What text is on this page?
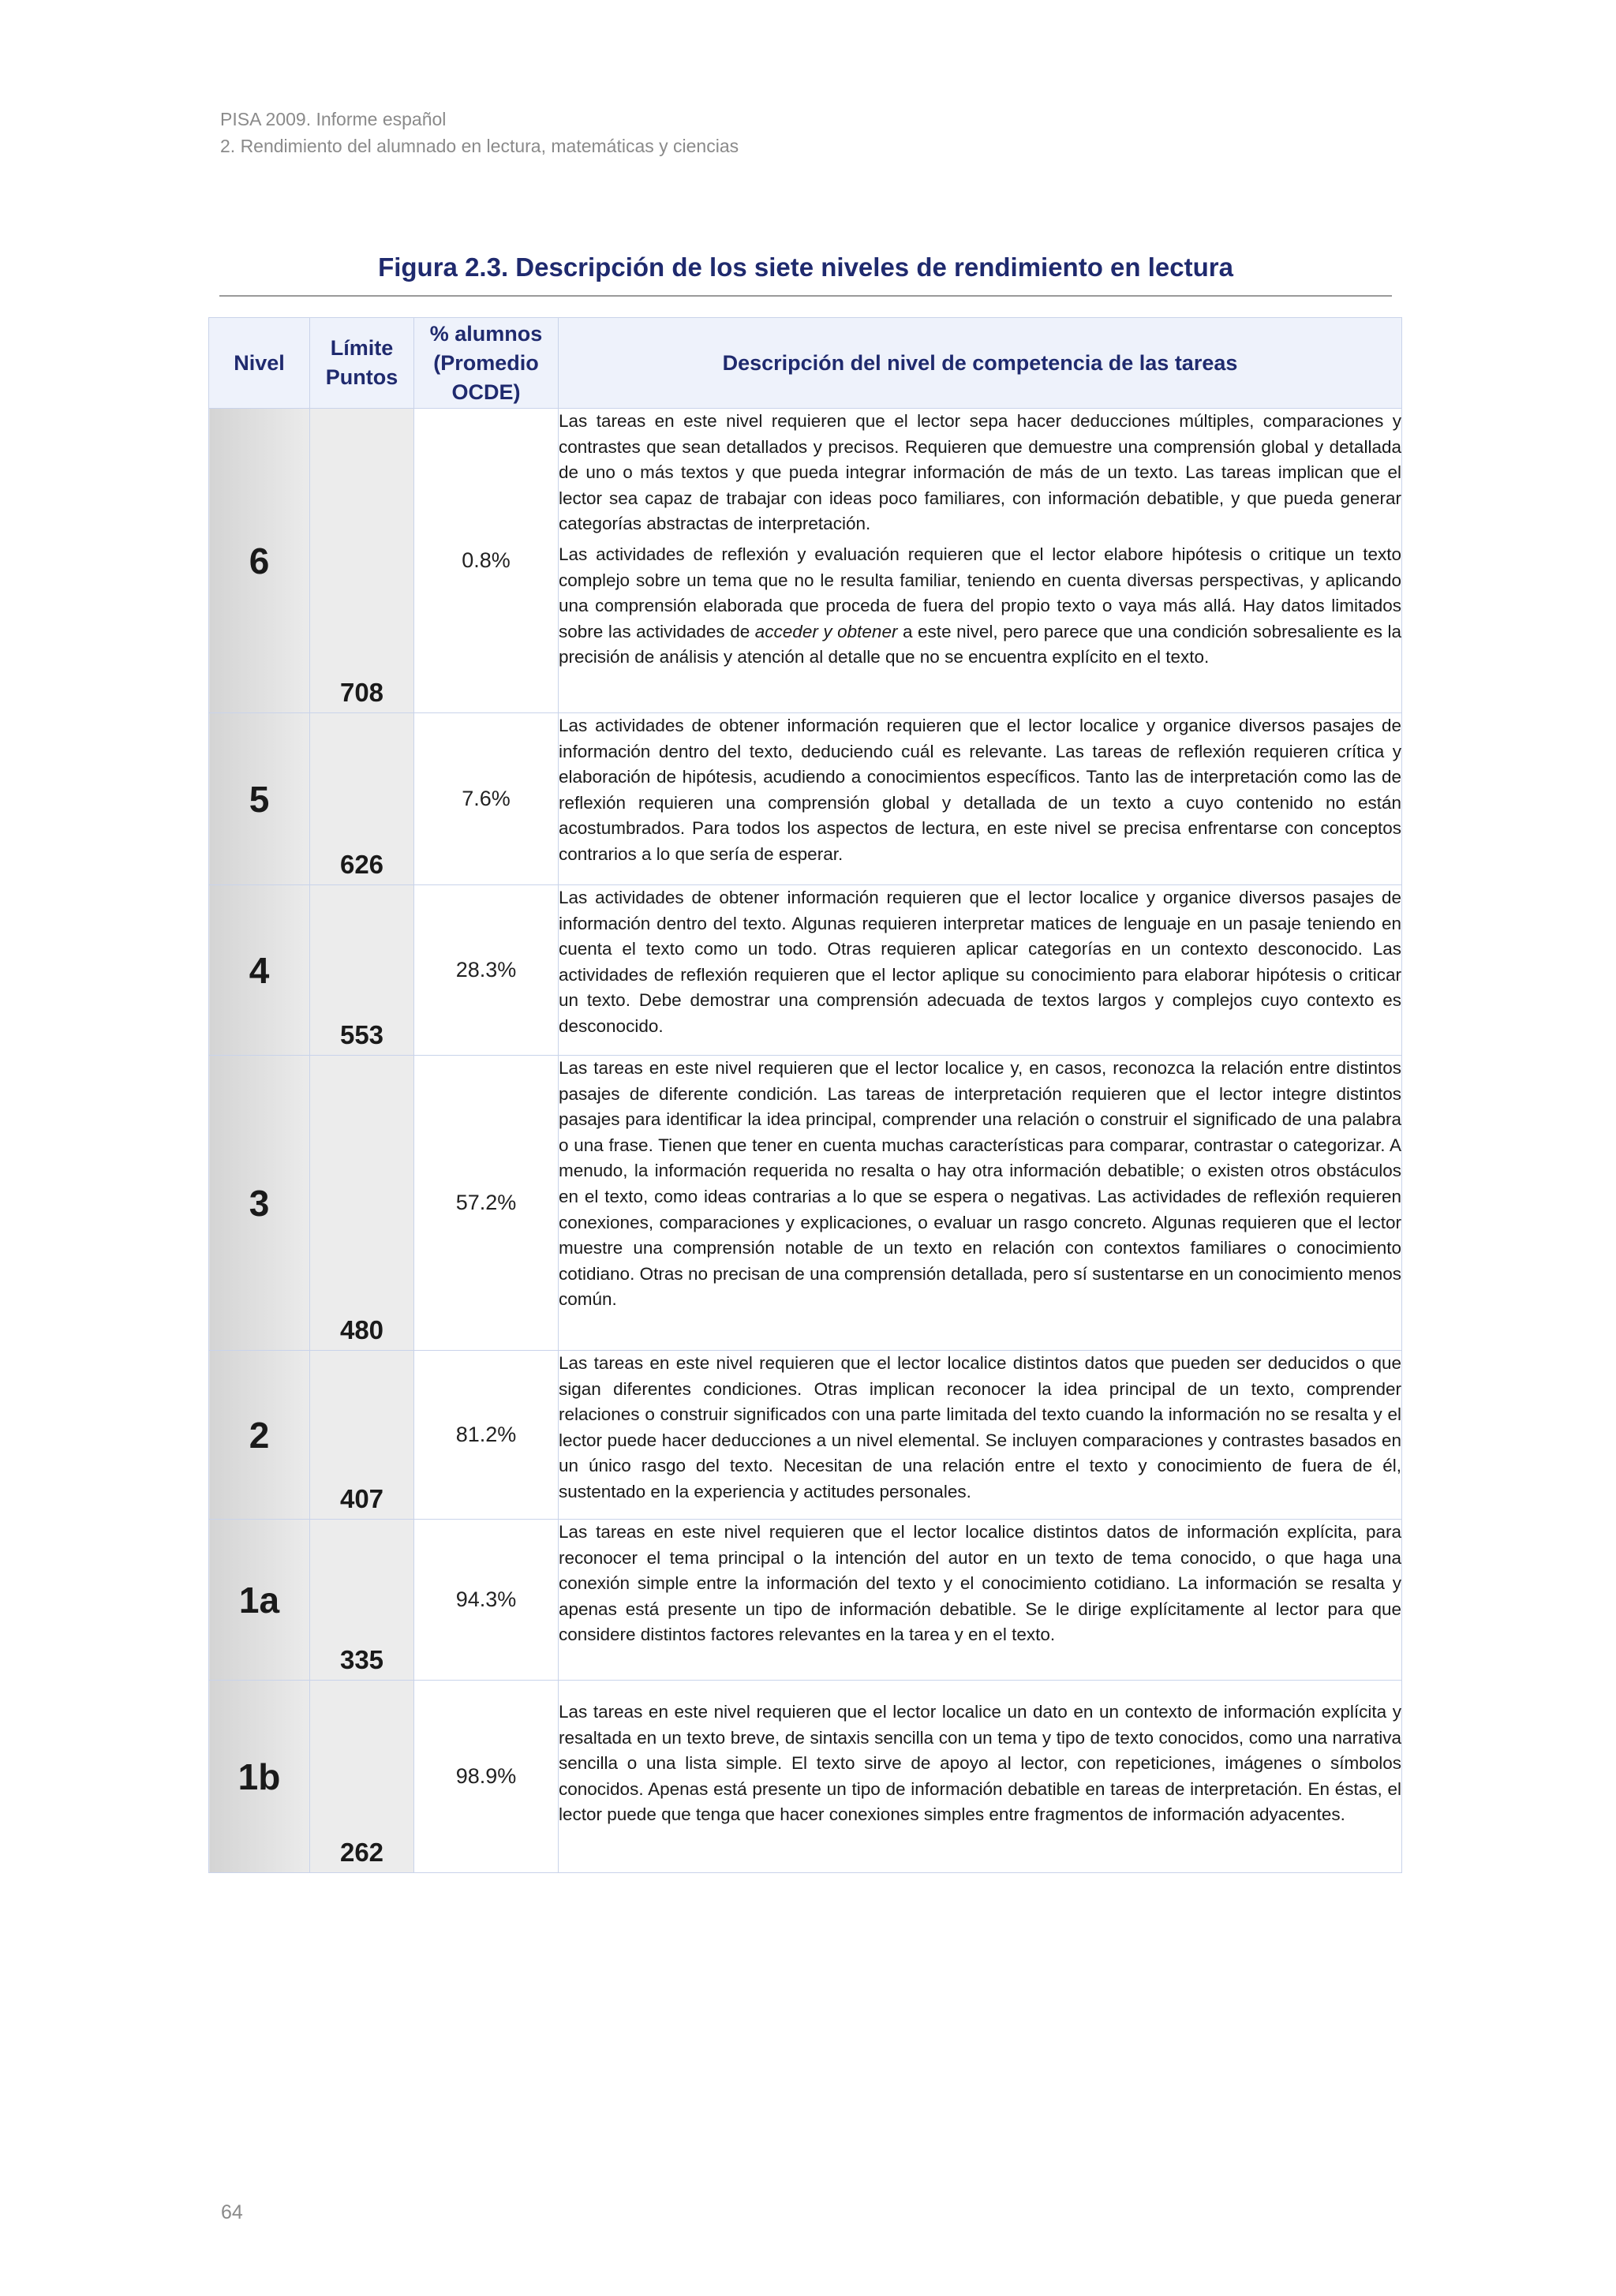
PISA 2009. Informe español
2. Rendimiento del alumnado en lectura, matemáticas y ciencias
Figura 2.3. Descripción de los siete niveles de rendimiento en lectura
Nivel	Límite Puntos	% alumnos (Promedio OCDE)	Descripción del nivel de competencia de las tareas
6	708	0.8%	Las tareas en este nivel requieren que el lector sepa hacer deducciones múltiples, comparaciones y contrastes que sean detallados y precisos. Requieren que demuestre una comprensión global y detallada de uno o más textos y que pueda integrar información de más de un texto. Las tareas implican que el lector sea capaz de trabajar con ideas poco familiares, con información debatible, y que pueda generar categorías abstractas de interpretación.

Las actividades de reflexión y evaluación requieren que el lector elabore hipótesis o critique un texto complejo sobre un tema que no le resulta familiar, teniendo en cuenta diversas perspectivas, y aplicando una comprensión elaborada que proceda de fuera del propio texto o vaya más allá. Hay datos limitados sobre las actividades de acceder y obtener a este nivel, pero parece que una condición sobresaliente es la precisión de análisis y atención al detalle que no se encuentra explícito en el texto.

5	626	7.6%	Las actividades de obtener información requieren que el lector localice y organice diversos pasajes de información dentro del texto, deduciendo cuál es relevante. Las tareas de reflexión requieren crítica y elaboración de hipótesis, acudiendo a conocimientos específicos. Tanto las de interpretación como las de reflexión requieren una comprensión global y detallada de un texto a cuyo contenido no están acostumbrados. Para todos los aspectos de lectura, en este nivel se precisa enfrentarse con conceptos contrarios a lo que sería de esperar.

4	553	28.3%	Las actividades de obtener información requieren que el lector localice y organice diversos pasajes de información dentro del texto. Algunas requieren interpretar matices de lenguaje en un pasaje teniendo en cuenta el texto como un todo. Otras requieren aplicar categorías en un contexto desconocido. Las actividades de reflexión requieren que el lector aplique su conocimiento para elaborar hipótesis o criticar un texto. Debe demostrar una comprensión adecuada de textos largos y complejos cuyo contexto es desconocido.

3	480	57.2%	Las tareas en este nivel requieren que el lector localice y, en casos, reconozca la relación entre distintos pasajes de diferente condición. Las tareas de interpretación requieren que el lector integre distintos pasajes para identificar la idea principal, comprender una relación o construir el significado de una palabra o una frase. Tienen que tener en cuenta muchas características para comparar, contrastar o categorizar. A menudo, la información requerida no resalta o hay otra información debatible; o existen otros obstáculos en el texto, como ideas contrarias a lo que se espera o negativas. Las actividades de reflexión requieren conexiones, comparaciones y explicaciones, o evaluar un rasgo concreto. Algunas requieren que el lector muestre una comprensión notable de un texto en relación con contextos familiares o conocimiento cotidiano. Otras no precisan de una comprensión detallada, pero sí sustentarse en un conocimiento menos común.

2	407	81.2%	Las tareas en este nivel requieren que el lector localice distintos datos que pueden ser deducidos o que sigan diferentes condiciones. Otras implican reconocer la idea principal de un texto, comprender relaciones o construir significados con una parte limitada del texto cuando la información no se resalta y el lector puede hacer deducciones a un nivel elemental. Se incluyen comparaciones y contrastes basados en un único rasgo del texto. Necesitan de una relación entre el texto y conocimiento de fuera de él, sustentado en la experiencia y actitudes personales.

1a	335	94.3%	Las tareas en este nivel requieren que el lector localice distintos datos de información explícita, para reconocer el tema principal o la intención del autor en un texto de tema conocido, o que haga una conexión simple entre la información del texto y el conocimiento cotidiano. La información se resalta y apenas está presente un tipo de información debatible. Se le dirige explícitamente al lector para que considere distintos factores relevantes en la tarea y en el texto.

1b	262	98.9%	Las tareas en este nivel requieren que el lector localice un dato en un contexto de información explícita y resaltada en un texto breve, de sintaxis sencilla con un tema y tipo de texto conocidos, como una narrativa sencilla o una lista simple. El texto sirve de apoyo al lector, con repeticiones, imágenes o símbolos conocidos. Apenas está presente un tipo de información debatible en tareas de interpretación. En éstas, el lector puede que tenga que hacer conexiones simples entre fragmentos de información adyacentes.

64
